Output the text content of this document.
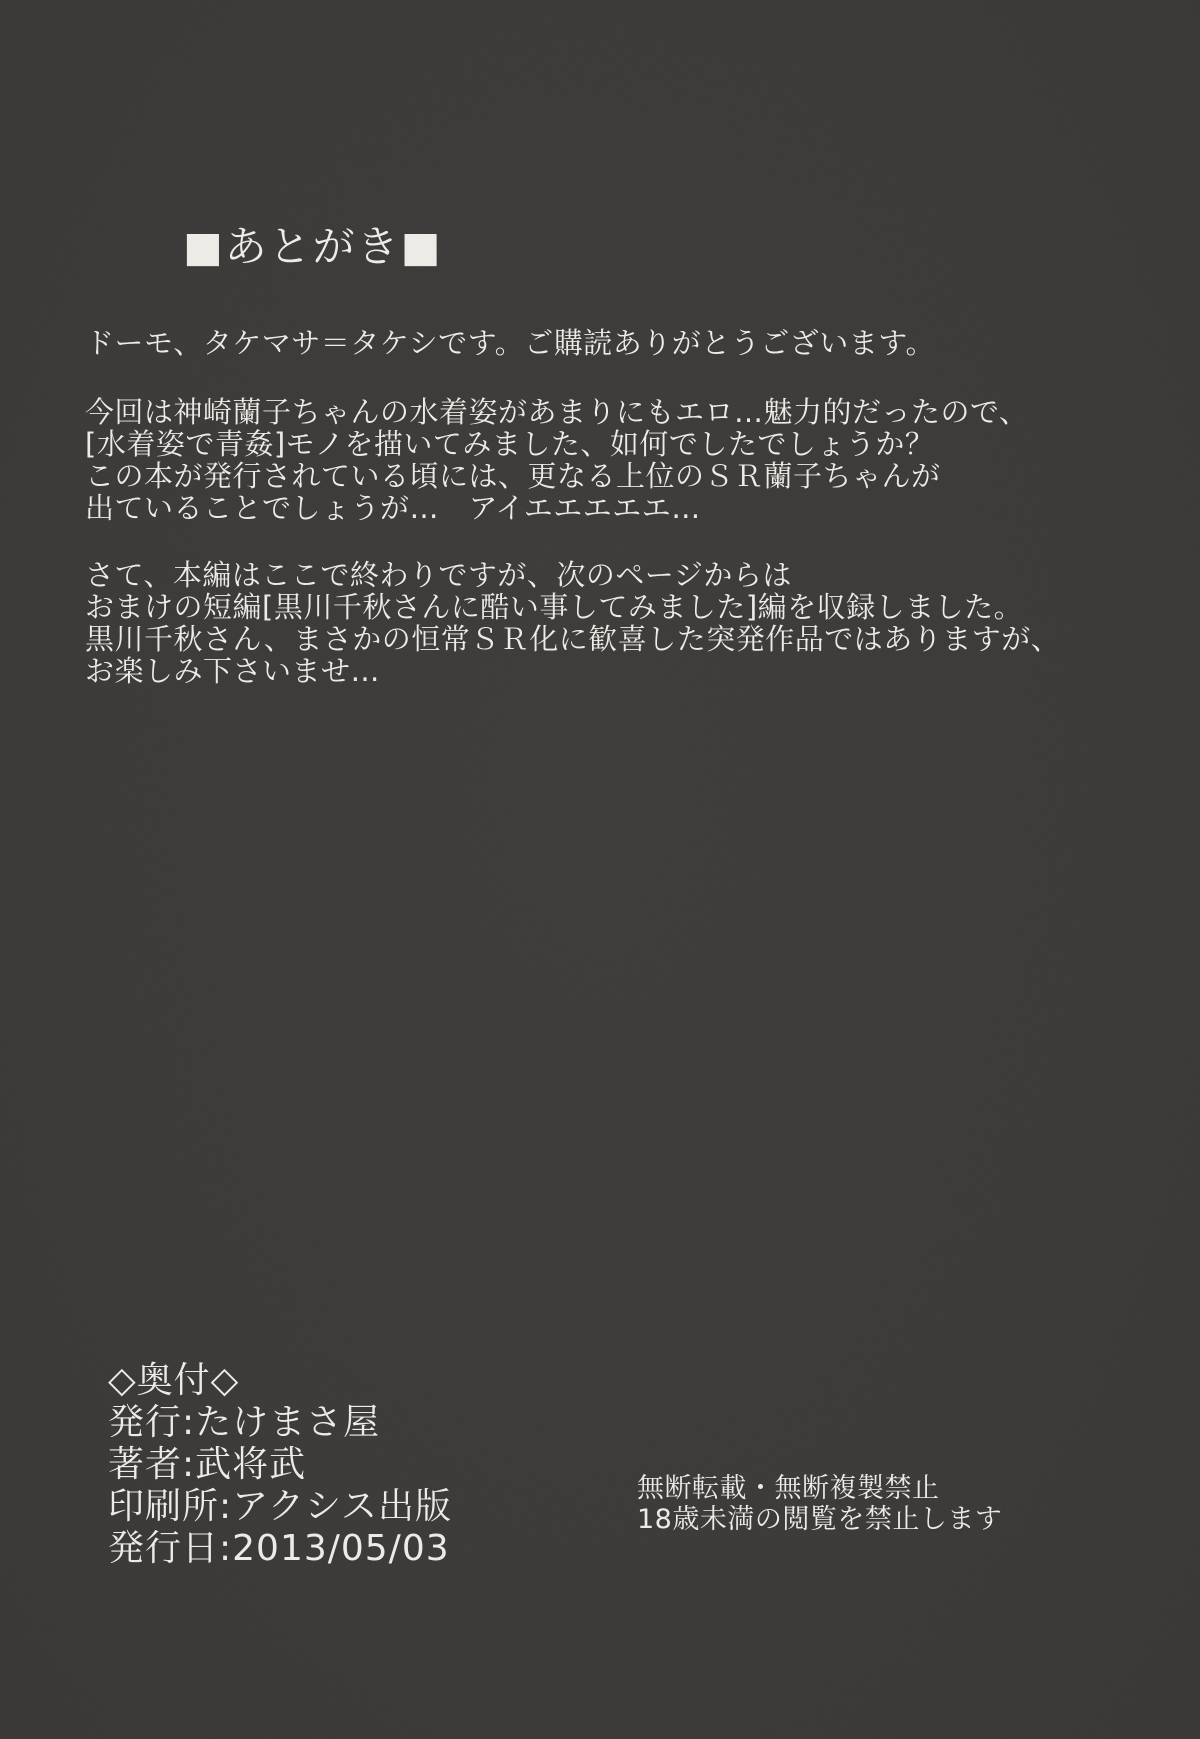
■あとがき■
ドーモ、タケマサ＝タケシです。ご購読ありがとうございます。
今回は神崎蘭子ちゃんの水着姿があまりにもエロ…魅力的だったので、
[水着姿で青姦]モノを描いてみました、如何でしたでしょうか？
この本が発行されている頃には、更なる上位のＳＲ蘭子ちゃんが
出ていることでしょうが…　アイエエエエエ…
さて、本編はここで終わりですが、次のページからは
おまけの短編[黒川千秋さんに酷い事してみました]編を収録しました。
黒川千秋さん、まさかの恒常ＳＲ化に歓喜した突発作品ではありますが、
お楽しみ下さいませ…
◇奥付◇
発行:たけまさ屋
著者:武将武
印刷所:アクシス出版
発行日:2013/05/03
無断転載・無断複製禁止
18歳未満の閲覧を禁止します
